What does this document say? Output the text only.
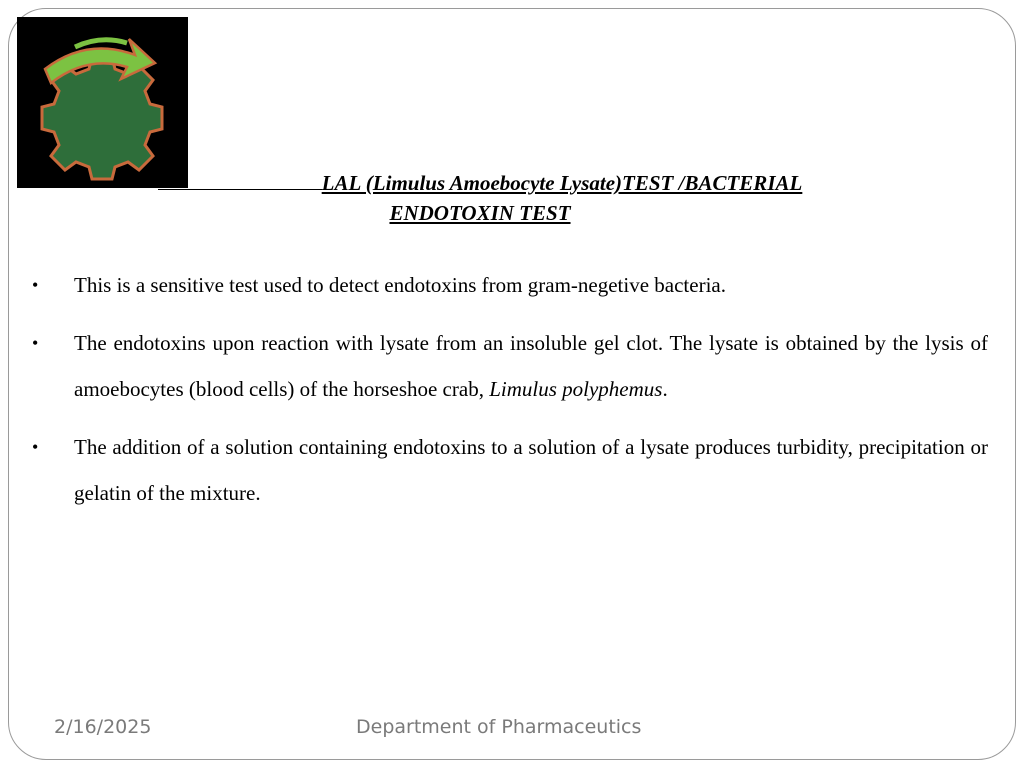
LAL (Limulus Amoebocyte Lysate)TEST /BACTERIAL
ENDOTOXIN TEST
• This is a sensitive test used to detect endotoxins from gram-negetive bacteria.
• The endotoxins upon reaction with lysate from an insoluble gel clot. The lysate is obtained by the lysis of amoebocytes (blood cells) of the horseshoe crab, Limulus polyphemus.
• The addition of a solution containing endotoxins to a solution of a lysate produces turbidity, precipitation or gelatin of the mixture.
2/16/2025	Department of Pharmaceutics
